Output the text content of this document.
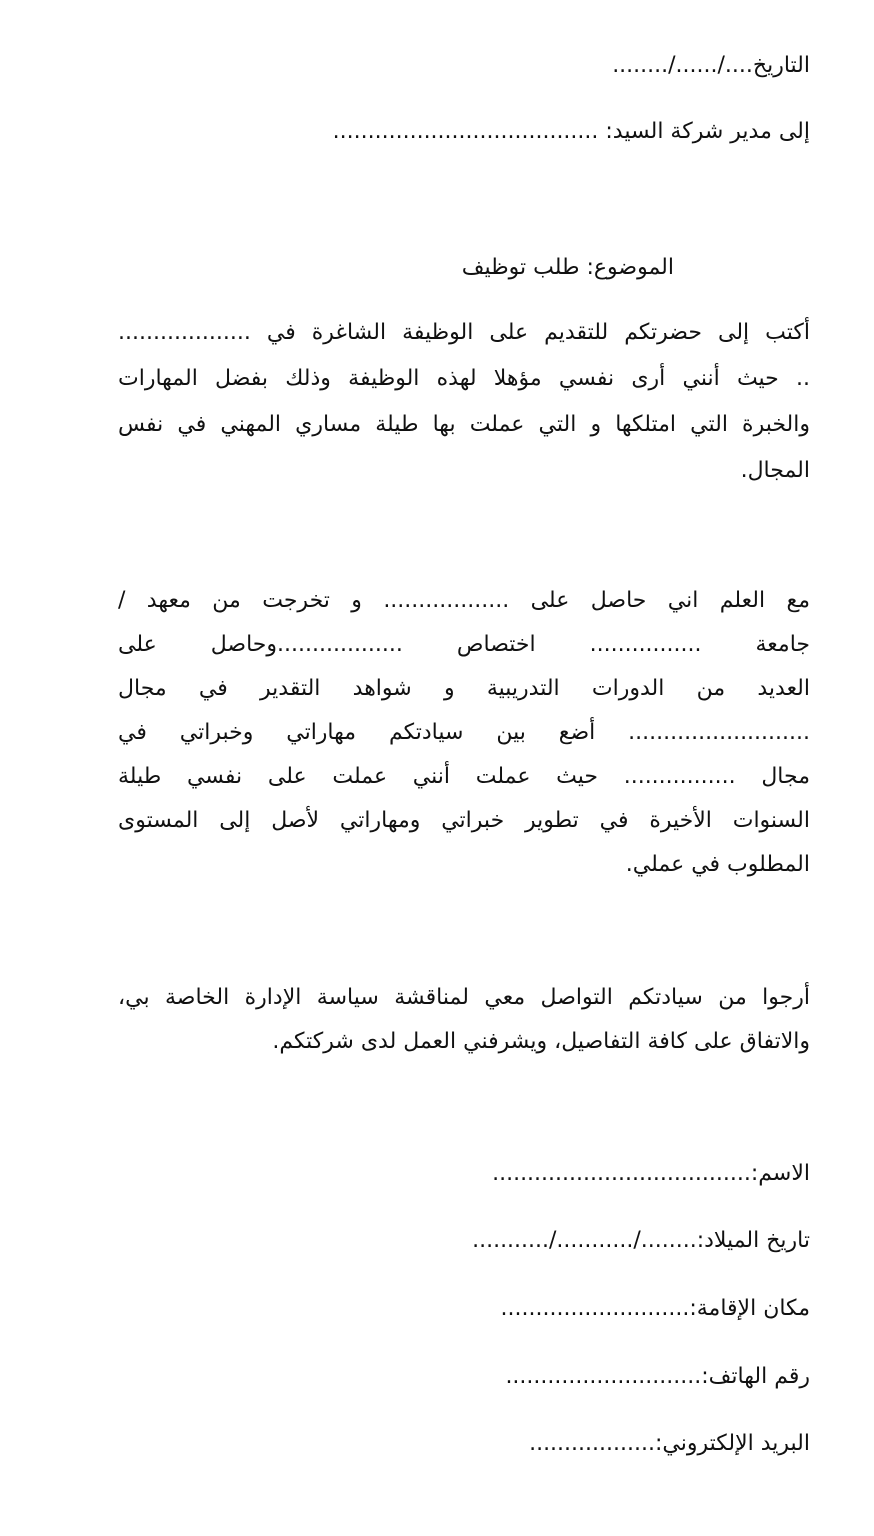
التاريخ..../....../........
إلى مدير شركة السيد: ......................................
الموضوع: طلب توظيف
أكتب إلى حضرتكم للتقديم على الوظيفة الشاغرة في ...................
.. حيث أنني أرى نفسي مؤهلا لهذه الوظيفة وذلك بفضل المهارات
والخبرة التي امتلكها و التي عملت بها طيلة مساري المهني في نفس
المجال.
مع العلم اني حاصل على .................. و تخرجت من معهد /
جامعة ................ اختصاص ..................وحاصل على
العديد من الدورات التدريبية و شواهد التقدير في مجال
.......................... أضع بين سيادتكم مهاراتي وخبراتي في
مجال ................ حيث عملت أنني عملت على نفسي طيلة
السنوات الأخيرة في تطوير خبراتي ومهاراتي لأصل إلى المستوى
المطلوب في عملي.
أرجوا من سيادتكم التواصل معي لمناقشة سياسة الإدارة الخاصة بي،
والاتفاق على كافة التفاصيل، ويشرفني العمل لدى شركتكم.
الاسم:.....................................
تاريخ الميلاد:......../.........../...........
مكان الإقامة:...........................
رقم الهاتف:............................
البريد الإلكتروني:..................
